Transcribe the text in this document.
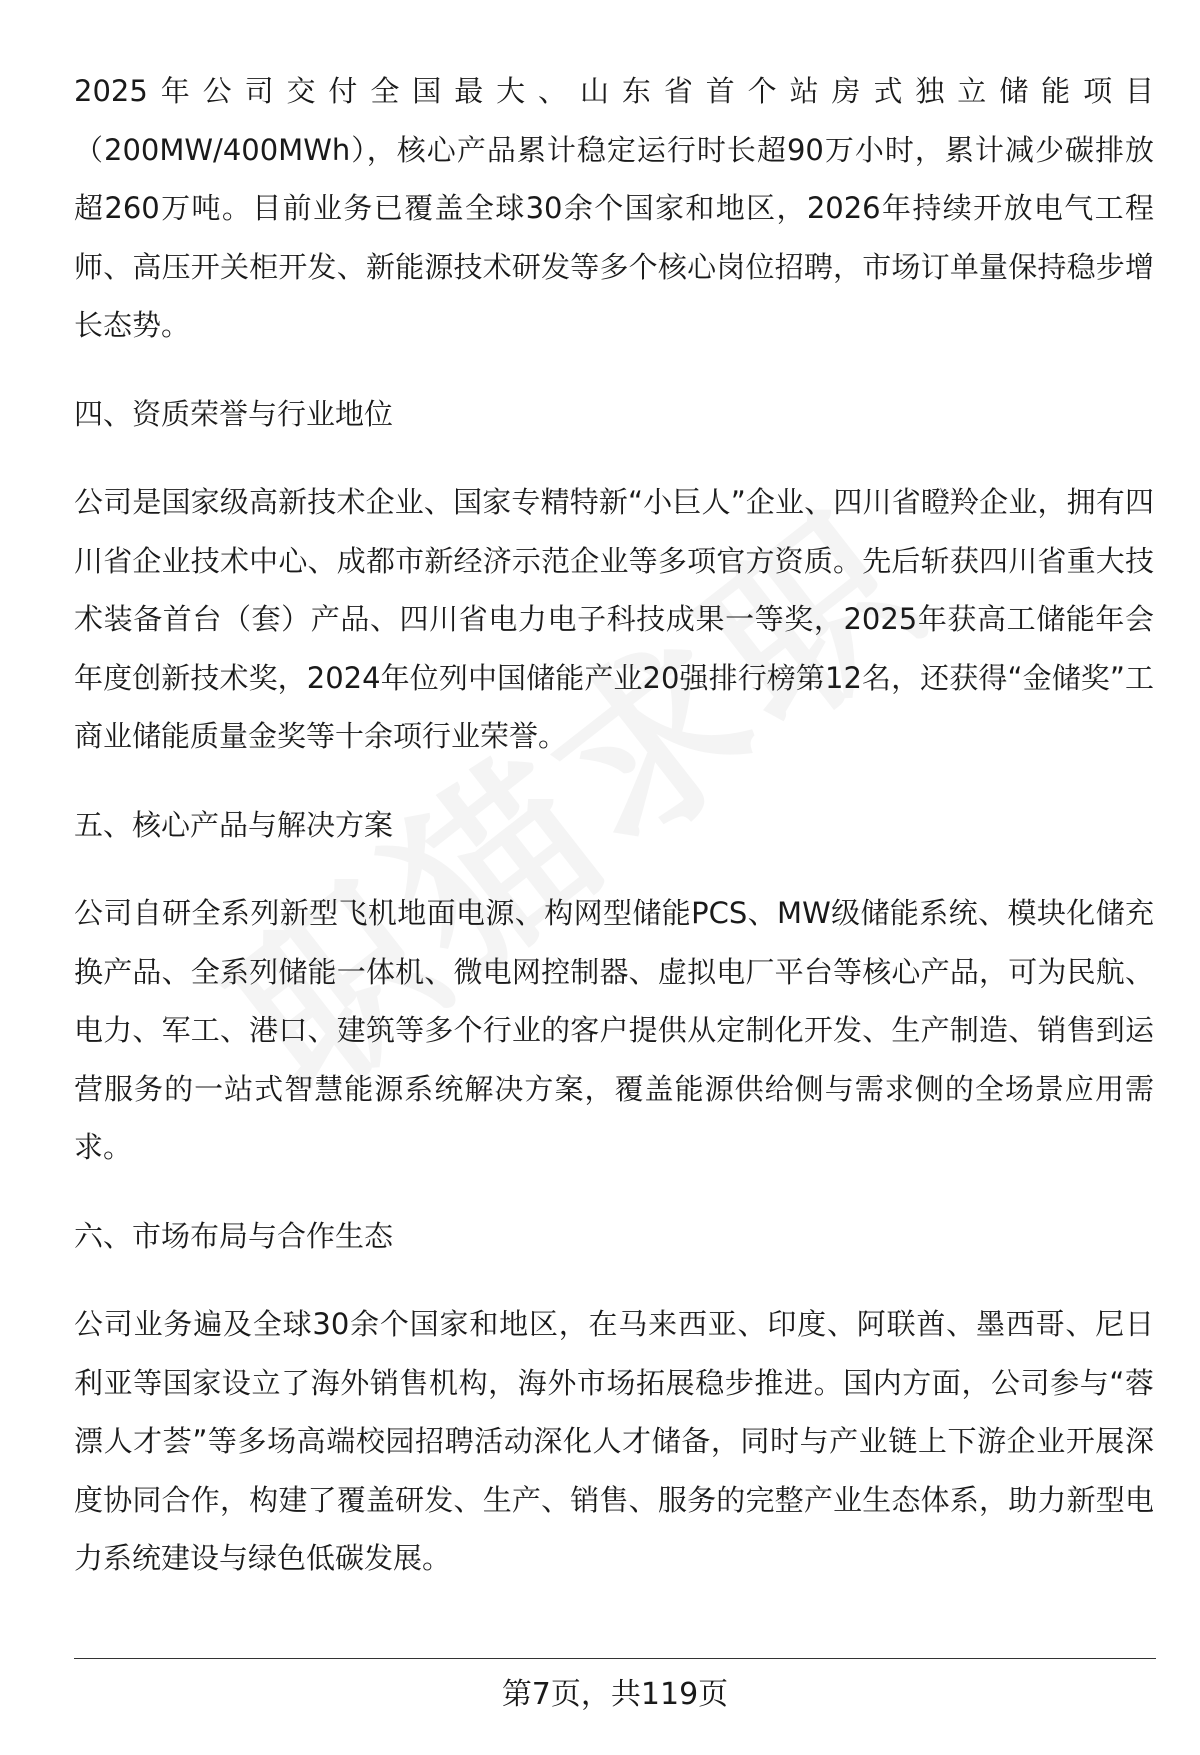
2025年公司交付全国最大、山东省首个站房式独立储能项目（200MW/400MWh），核心产品累计稳定运行时长超90万小时，累计减少碳排放超260万吨。目前业务已覆盖全球30余个国家和地区，2026年持续开放电气工程师、高压开关柜开发、新能源技术研发等多个核心岗位招聘，市场订单量保持稳步增长态势。

四、资质荣誉与行业地位

公司是国家级高新技术企业、国家专精特新“小巨人”企业、四川省瞪羚企业，拥有四川省企业技术中心、成都市新经济示范企业等多项官方资质。先后斩获四川省重大技术装备首台（套）产品、四川省电力电子科技成果一等奖，2025年获高工储能年会年度创新技术奖，2024年位列中国储能产业20强排行榜第12名，还获得“金储奖”工商业储能质量金奖等十余项行业荣誉。

五、核心产品与解决方案

公司自研全系列新型飞机地面电源、构网型储能PCS、MW级储能系统、模块化储充换产品、全系列储能一体机、微电网控制器、虚拟电厂平台等核心产品，可为民航、电力、军工、港口、建筑等多个行业的客户提供从定制化开发、生产制造、销售到运营服务的一站式智慧能源系统解决方案，覆盖能源供给侧与需求侧的全场景应用需求。

六、市场布局与合作生态

公司业务遍及全球30余个国家和地区，在马来西亚、印度、阿联酋、墨西哥、尼日利亚等国家设立了海外销售机构，海外市场拓展稳步推进。国内方面，公司参与“蓉漂人才荟”等多场高端校园招聘活动深化人才储备，同时与产业链上下游企业开展深度协同合作，构建了覆盖研发、生产、销售、服务的完整产业生态体系，助力新型电力系统建设与绿色低碳发展。

第7页，共119页
